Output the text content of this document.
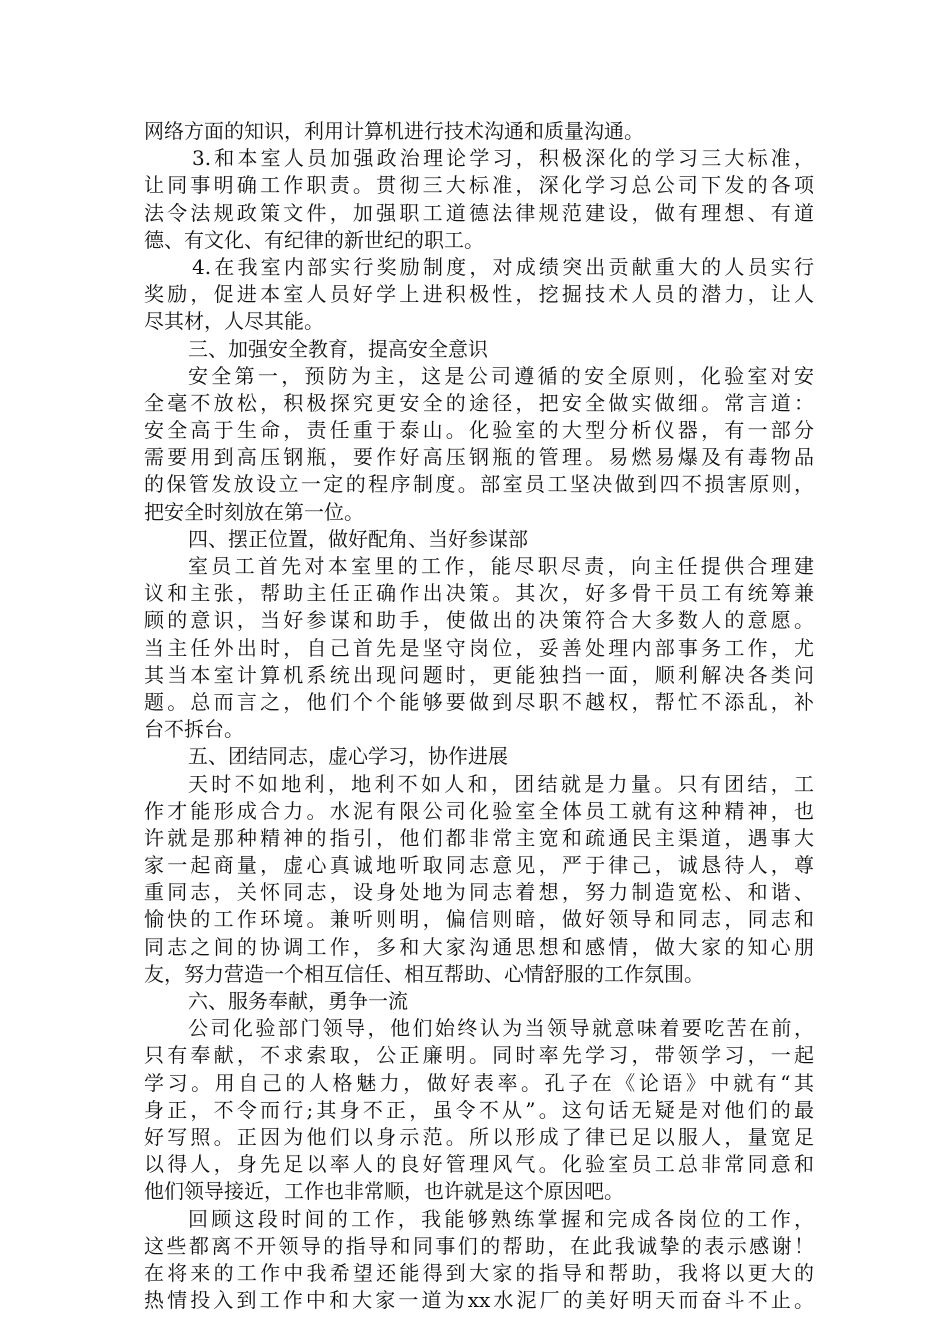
网络方面的知识，利用计算机进行技术沟通和质量沟通。
3.和本室人员加强政治理论学习，积极深化的学习三大标准，
让同事明确工作职责。贯彻三大标准，深化学习总公司下发的各项
法令法规政策文件，加强职工道德法律规范建设，做有理想、有道
德、有文化、有纪律的新世纪的职工。
4.在我室内部实行奖励制度，对成绩突出贡献重大的人员实行
奖励，促进本室人员好学上进积极性，挖掘技术人员的潜力，让人
尽其材，人尽其能。
三、加强安全教育，提高安全意识
安全第一，预防为主，这是公司遵循的安全原则，化验室对安
全毫不放松，积极探究更安全的途径，把安全做实做细。常言道：
安全高于生命，责任重于泰山。化验室的大型分析仪器，有一部分
需要用到高压钢瓶，要作好高压钢瓶的管理。易燃易爆及有毒物品
的保管发放设立一定的程序制度。部室员工坚决做到四不损害原则，
把安全时刻放在第一位。
四、摆正位置，做好配角、当好参谋部
室员工首先对本室里的工作，能尽职尽责，向主任提供合理建
议和主张，帮助主任正确作出决策。其次，好多骨干员工有统筹兼
顾的意识，当好参谋和助手，使做出的决策符合大多数人的意愿。
当主任外出时，自己首先是坚守岗位，妥善处理内部事务工作，尤
其当本室计算机系统出现问题时，更能独挡一面，顺利解决各类问
题。总而言之，他们个个能够要做到尽职不越权，帮忙不添乱，补
台不拆台。
五、团结同志，虚心学习，协作进展
天时不如地利，地利不如人和，团结就是力量。只有团结，工
作才能形成合力。水泥有限公司化验室全体员工就有这种精神，也
许就是那种精神的指引，他们都非常主宽和疏通民主渠道，遇事大
家一起商量，虚心真诚地听取同志意见，严于律己，诚恳待人，尊
重同志，关怀同志，设身处地为同志着想，努力制造宽松、和谐、
愉快的工作环境。兼听则明，偏信则暗，做好领导和同志，同志和
同志之间的协调工作，多和大家沟通思想和感情，做大家的知心朋
友，努力营造一个相互信任、相互帮助、心情舒服的工作氛围。
六、服务奉献，勇争一流
公司化验部门领导，他们始终认为当领导就意味着要吃苦在前，
只有奉献，不求索取，公正廉明。同时率先学习，带领学习，一起
学习。用自己的人格魅力，做好表率。孔子在《论语》中就有“其
身正，不令而行;其身不正，虽令不从”。这句话无疑是对他们的最
好写照。正因为他们以身示范。所以形成了律已足以服人，量宽足
以得人，身先足以率人的良好管理风气。化验室员工总非常同意和
他们领导接近，工作也非常顺，也许就是这个原因吧。
回顾这段时间的工作，我能够熟练掌握和完成各岗位的工作，
这些都离不开领导的指导和同事们的帮助，在此我诚挚的表示感谢！
在将来的工作中我希望还能得到大家的指导和帮助，我将以更大的
热情投入到工作中和大家一道为xx水泥厂的美好明天而奋斗不止。
